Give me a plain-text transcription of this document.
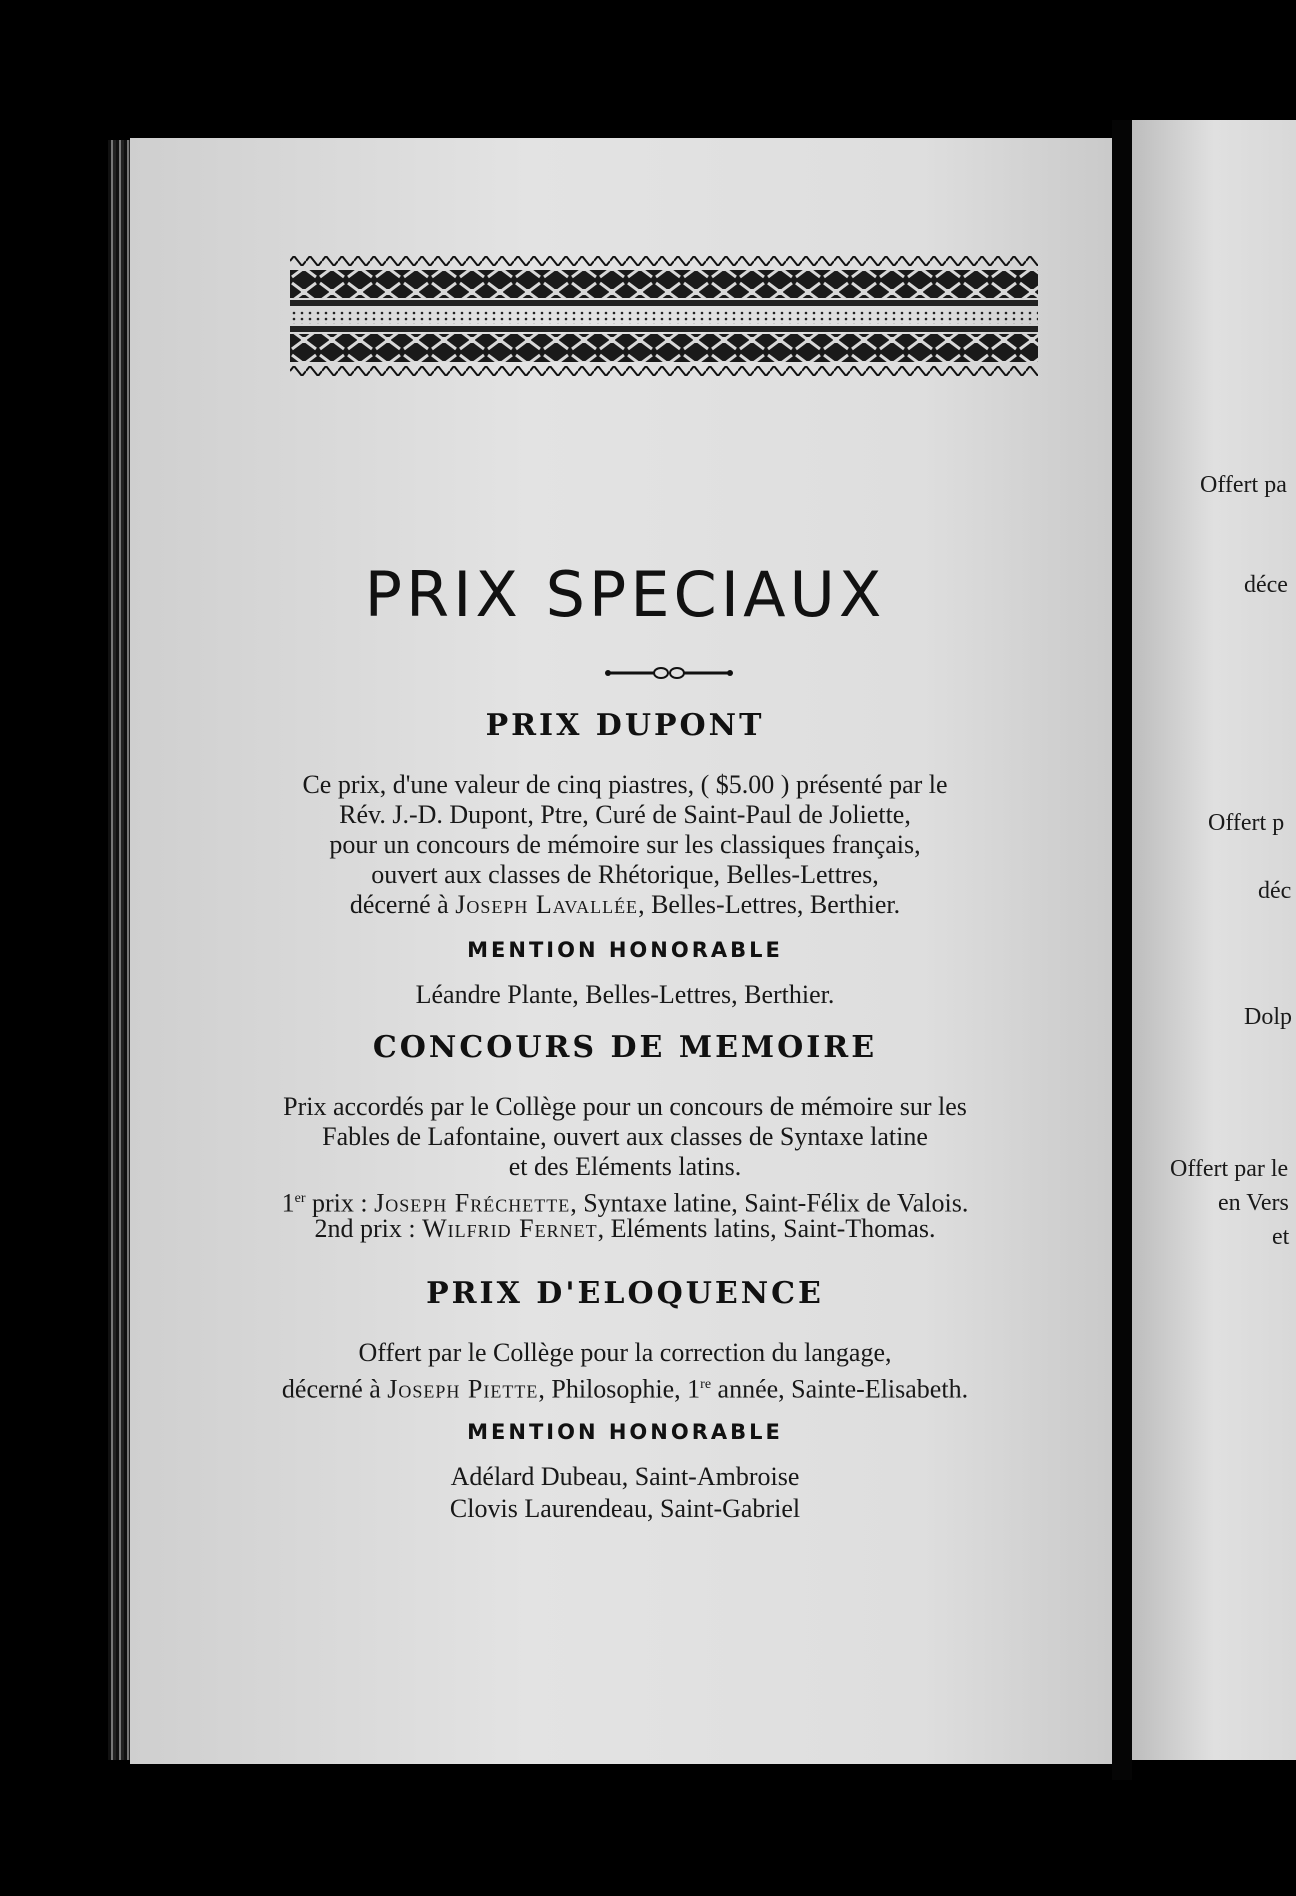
PRIX SPECIAUX
PRIX DUPONT
Ce prix, d'une valeur de cinq piastres, ( $5.00 ) présenté par le
Rév. J.-D. Dupont, Ptre, Curé de Saint-Paul de Joliette,
pour un concours de mémoire sur les classiques français,
ouvert aux classes de Rhétorique, Belles-Lettres,
décerné à Joseph Lavallée, Belles-Lettres, Berthier.
MENTION HONORABLE
Léandre Plante, Belles-Lettres, Berthier.
CONCOURS DE MEMOIRE
Prix accordés par le Collège pour un concours de mémoire sur les
Fables de Lafontaine, ouvert aux classes de Syntaxe latine
et des Eléments latins.
1er prix : Joseph Fréchette, Syntaxe latine, Saint-Félix de Valois.
2nd prix : Wilfrid Fernet, Eléments latins, Saint-Thomas.
PRIX D'ELOQUENCE
Offert par le Collège pour la correction du langage,
décerné à Joseph Piette, Philosophie, 1re année, Sainte-Elisabeth.
MENTION HONORABLE
Adélard Dubeau, Saint-Ambroise
Clovis Laurendeau, Saint-Gabriel
Offert pa
déce
Offert p
déc
Dolp
Offert par le
en Vers
et
